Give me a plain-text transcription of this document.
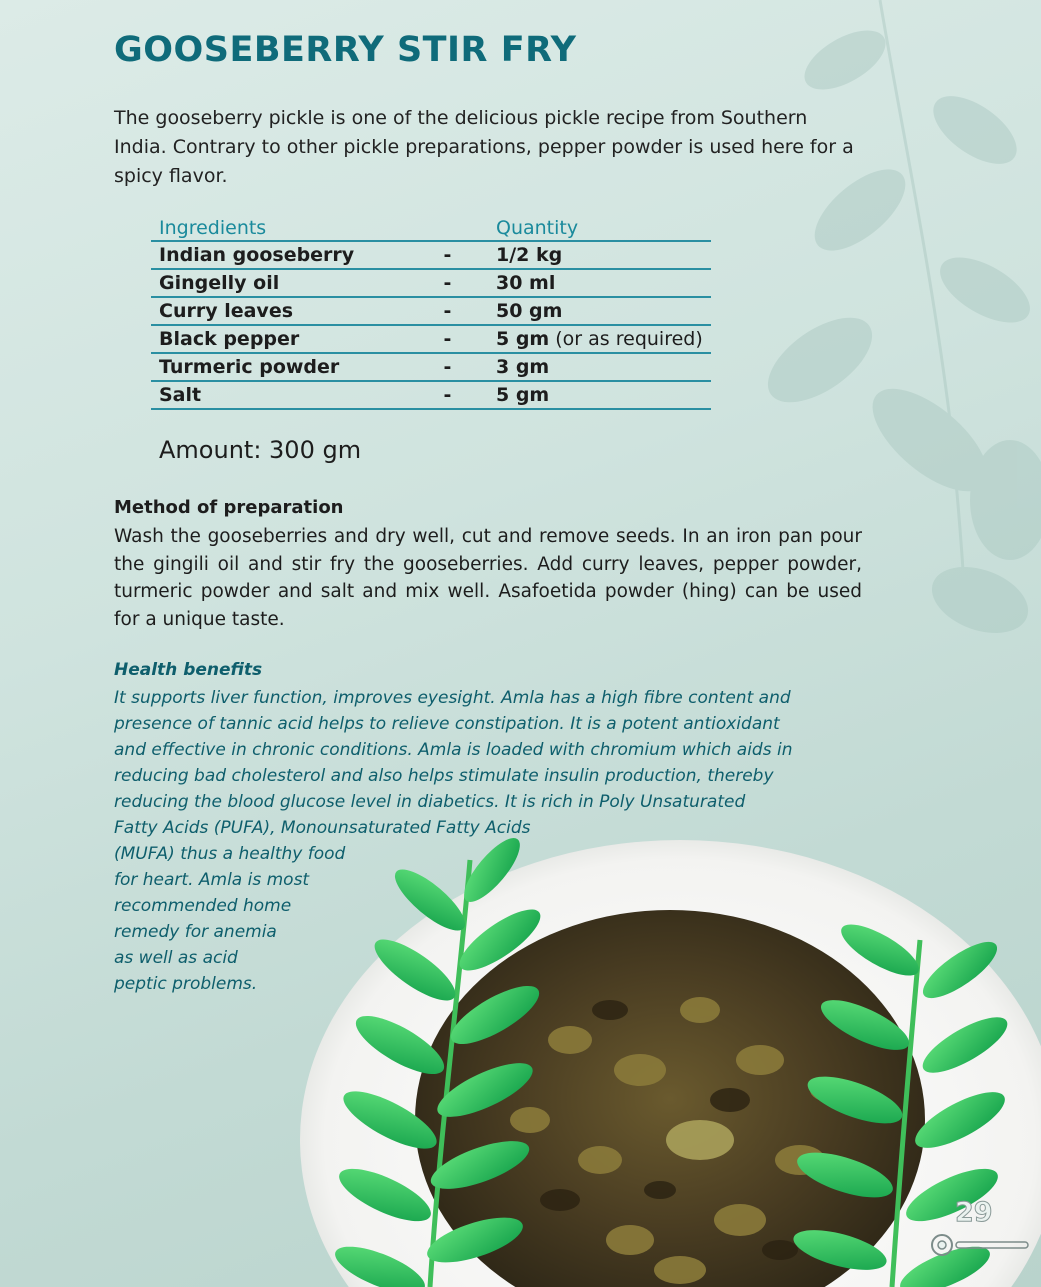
GOOSEBERRY STIR FRY
The gooseberry pickle is one of the delicious pickle recipe from Southern India. Contrary to other pickle preparations, pepper powder is used here for a spicy flavor.
Ingredients		Quantity
Indian gooseberry	-	1/2 kg
Gingelly oil	-	30 ml
Curry leaves	-	50 gm
Black pepper	-	5 gm (or as required)
Turmeric powder	-	3 gm
Salt	-	5 gm
Amount: 300 gm
Method of preparation
Wash the gooseberries and dry well, cut and remove seeds. In an iron pan pour the gingili oil and stir fry the gooseberries. Add curry leaves, pepper powder, turmeric powder and salt and mix well. Asafoetida powder (hing) can be used for a unique taste.
Health benefits
It supports liver function, improves eyesight. Amla has a high fibre content and
presence of tannic acid helps to relieve constipation. It is a potent antioxidant
and effective in chronic conditions. Amla is loaded with chromium which aids in
reducing bad cholesterol and also helps stimulate insulin production, thereby
reducing the blood glucose level in diabetics. It is rich in Poly Unsaturated
Fatty Acids (PUFA), Monounsaturated Fatty Acids
(MUFA) thus a healthy food
for heart. Amla is most
recommended home
remedy for anemia
as well as acid
peptic problems.
29
